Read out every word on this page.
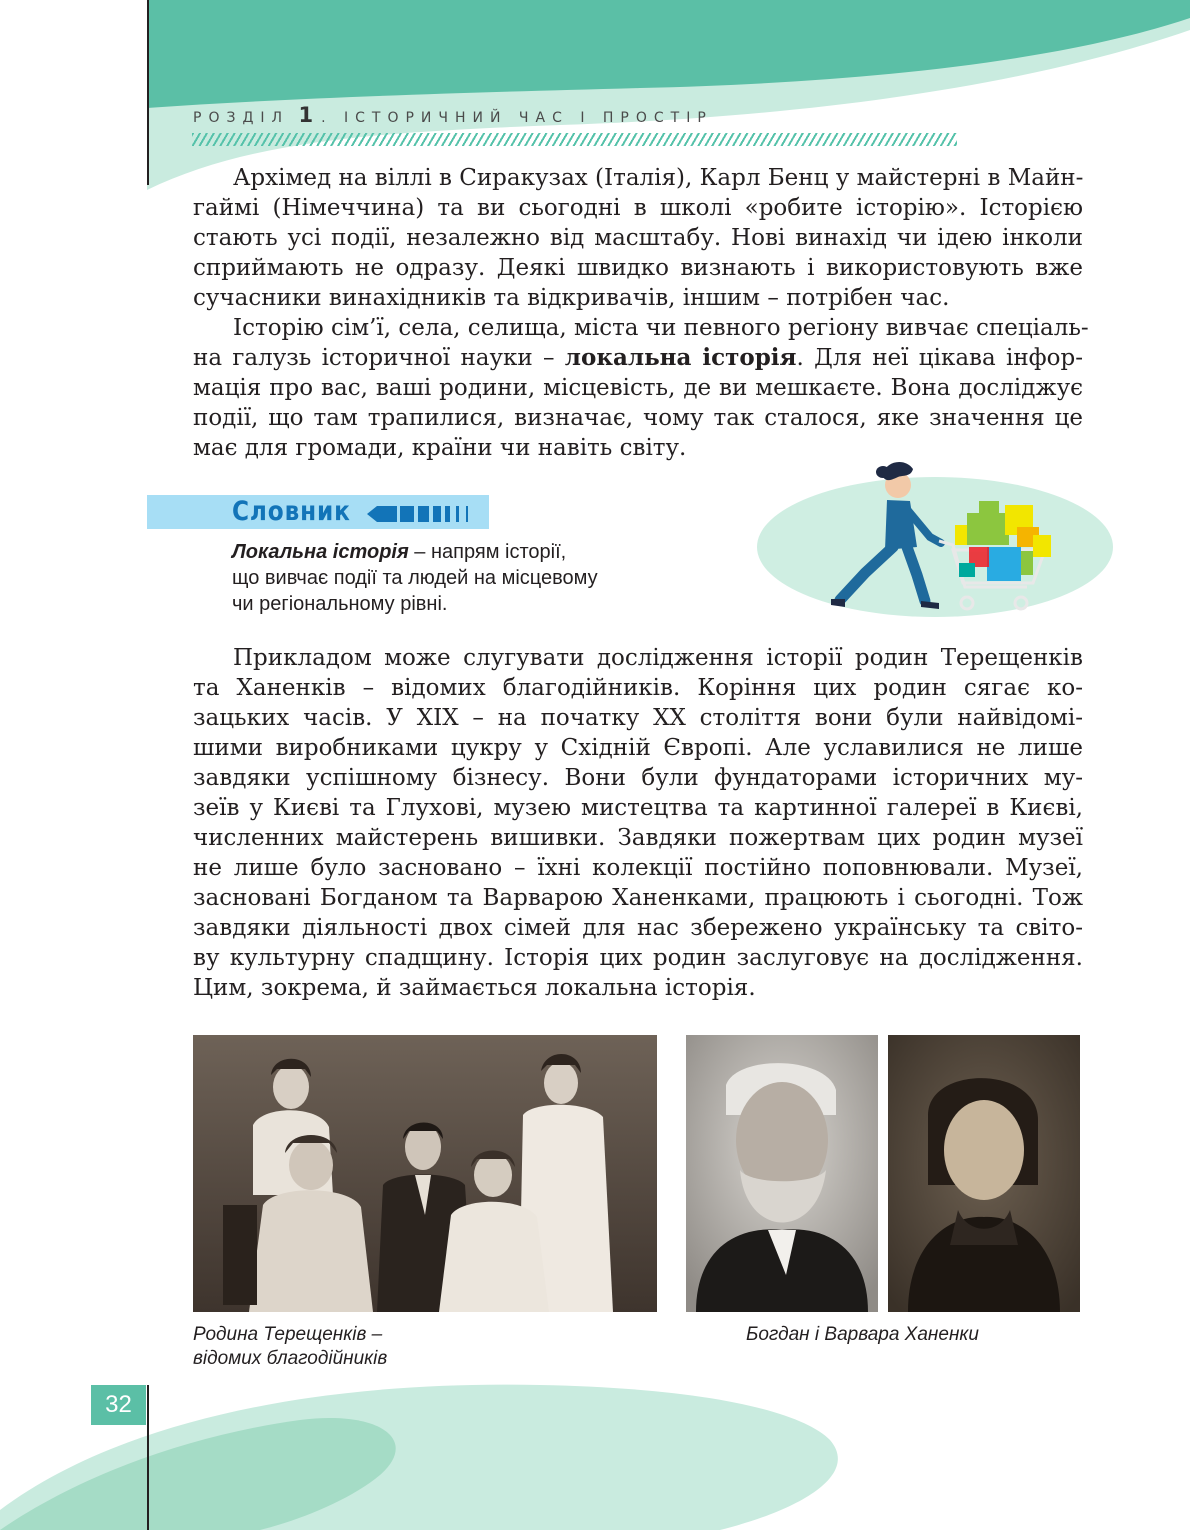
РОЗДІЛ 1 . ІСТОРИЧНИЙ ЧАС І ПРОСТІР

Архімед на віллі в Сиракузах (Італія), Карл Бенц у майстерні в Майн-
гаймі (Німеччина) та ви сьогодні в школі «робите історію». Історією
стають усі події, незалежно від масштабу. Нові винахід чи ідею інколи
сприймають не одразу. Деякі швидко визнають і використовують вже
сучасники винахідників та відкривачів, іншим – потрібен час.

Історію сім’ї, села, селища, міста чи певного регіону вивчає спеціаль-
на галузь історичної науки – локальна історія. Для неї цікава інфор-
мація про вас, ваші родини, місцевість, де ви мешкаєте. Вона досліджує
події, що там трапилися, визначає, чому так сталося, яке значення це
має для громади, країни чи навіть світу.

Словник
Локальна історія – напрям історії,
що вивчає події та людей на місцевому
чи регіональному рівні.

Прикладом може слугувати дослідження історії родин Терещенків
та Ханенків – відомих благодійників. Коріння цих родин сягає ко-
зацьких часів. У ХІХ – на початку ХХ століття вони були найвідомі-
шими виробниками цукру у Східній Європі. Але уславилися не лише
завдяки успішному бізнесу. Вони були фундаторами історичних му-
зеїв у Києві та Глухові, музею мистецтва та картинної галереї в Києві,
численних майстерень вишивки. Завдяки пожертвам цих родин музеї
не лише було засновано – їхні колекції постійно поповнювали. Музеї,
засновані Богданом та Варварою Ханенками, працюють і сьогодні. Тож
завдяки діяльності двох сімей для нас збережено українську та світо-
ву культурну спадщину. Історія цих родин заслуговує на дослідження.
Цим, зокрема, й займається локальна історія.

Родина Терещенків –
відомих благодійників
Богдан і Варвара Ханенки
32
